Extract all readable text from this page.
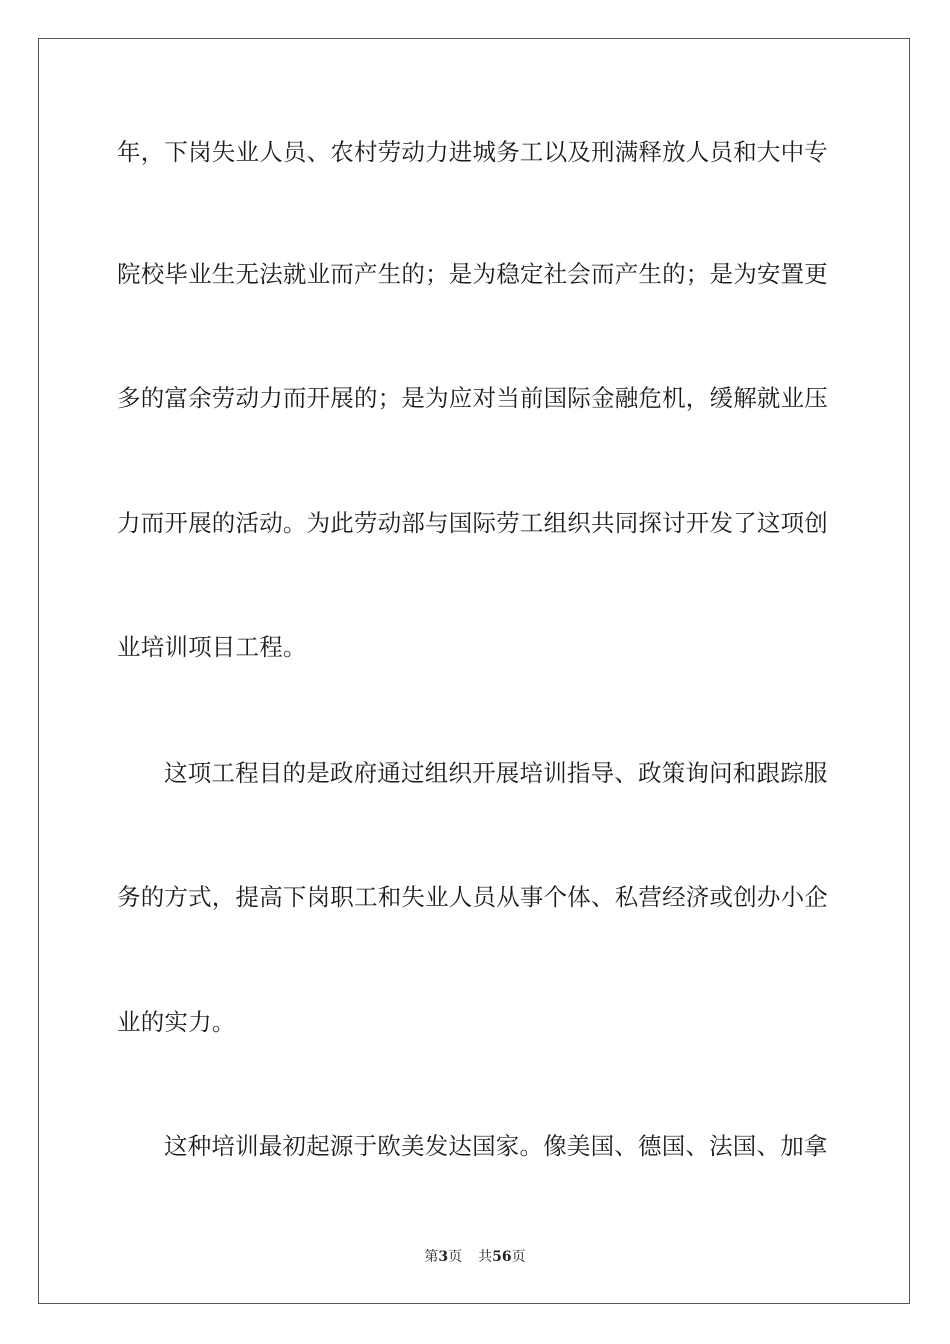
年，下岗失业人员、农村劳动力进城务工以及刑满释放人员和大中专
院校毕业生无法就业而产生的；是为稳定社会而产生的；是为安置更
多的富余劳动力而开展的；是为应对当前国际金融危机，缓解就业压
力而开展的活动。为此劳动部与国际劳工组织共同探讨开发了这项创
业培训项目工程。
这项工程目的是政府通过组织开展培训指导、政策询问和跟踪服
务的方式，提高下岗职工和失业人员从事个体、私营经济或创办小企
业的实力。
这种培训最初起源于欧美发达国家。像美国、德国、法国、加拿
第3页 共56页
